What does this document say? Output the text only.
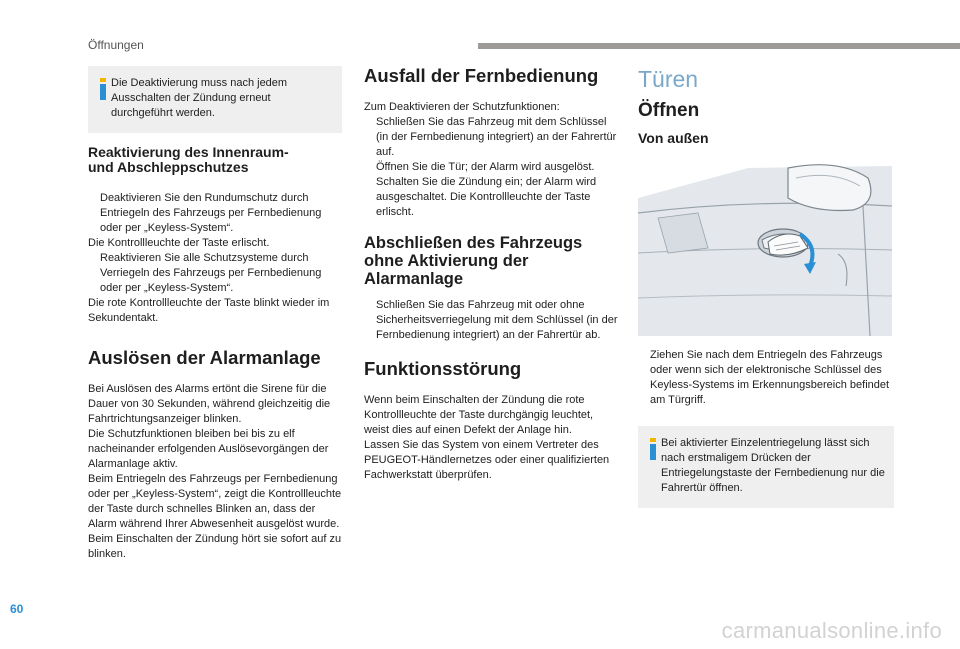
Öffnungen
Die Deaktivierung muss nach jedem Ausschalten der Zündung erneut durchgeführt werden.
Reaktivierung des Innenraum-
und Abschleppschutzes

Deaktivieren Sie den Rundumschutz durch Entriegeln des Fahrzeugs per Fernbedienung oder per „Keyless-System“.

Die Kontrollleuchte der Taste erlischt.

Reaktivieren Sie alle Schutzsysteme durch Verriegeln des Fahrzeugs per Fernbedienung oder per „Keyless-System“.

Die rote Kontrollleuchte der Taste blinkt wieder im Sekundentakt.

Auslösen der Alarmanlage

Bei Auslösen des Alarms ertönt die Sirene für die Dauer von 30 Sekunden, während gleichzeitig die Fahrtrichtungsanzeiger blinken.

Die Schutzfunktionen bleiben bei bis zu elf nacheinander erfolgenden Auslösevorgängen der Alarmanlage aktiv.

Beim Entriegeln des Fahrzeugs per Fernbedienung oder per „Keyless-System“, zeigt die Kontrollleuchte der Taste durch schnelles Blinken an, dass der Alarm während Ihrer Abwesenheit ausgelöst wurde. Beim Einschalten der Zündung hört sie sofort auf zu blinken.

Ausfall der Fernbedienung

Zum Deaktivieren der Schutzfunktionen:

Schließen Sie das Fahrzeug mit dem Schlüssel (in der Fernbedienung integriert) an der Fahrertür auf.

Öffnen Sie die Tür; der Alarm wird ausgelöst.

Schalten Sie die Zündung ein; der Alarm wird ausgeschaltet. Die Kontrollleuchte der Taste erlischt.

Abschließen des Fahrzeugs
ohne Aktivierung der
Alarmanlage

Schließen Sie das Fahrzeug mit oder ohne Sicherheitsverriegelung mit dem Schlüssel (in der Fernbedienung integriert) an der Fahrertür ab.

Funktionsstörung

Wenn beim Einschalten der Zündung die rote Kontrollleuchte der Taste durchgängig leuchtet, weist dies auf einen Defekt der Anlage hin.

Lassen Sie das System von einem Vertreter des PEUGEOT-Händlernetzes oder einer qualifizierten Fachwerkstatt überprüfen.

Türen
Öffnen
Von außen

Ziehen Sie nach dem Entriegeln des Fahrzeugs oder wenn sich der elektronische Schlüssel des Keyless-Systems im Erkennungsbereich befindet am Türgriff.

Bei aktivierter Einzelentriegelung lässt sich nach erstmaligem Drücken der Entriegelungstaste der Fernbedienung nur die Fahrertür öffnen.
60
carmanualsonline.info
